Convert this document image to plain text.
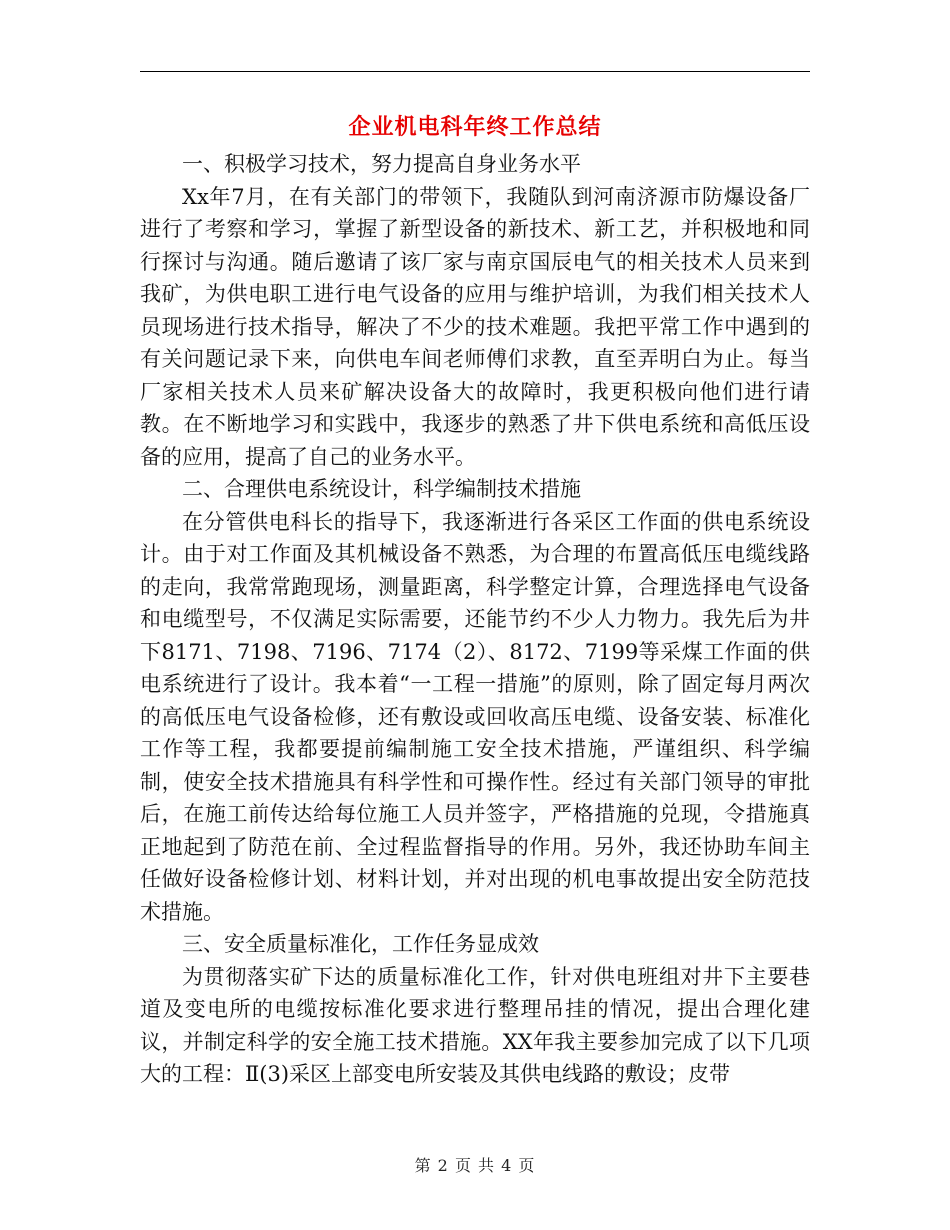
企业机电科年终工作总结

一、积极学习技术，努力提高自身业务水平

Xx年7月，在有关部门的带领下，我随队到河南济源市防爆设备厂进行了考察和学习，掌握了新型设备的新技术、新工艺，并积极地和同行探讨与沟通。随后邀请了该厂家与南京国辰电气的相关技术人员来到我矿，为供电职工进行电气设备的应用与维护培训，为我们相关技术人员现场进行技术指导，解决了不少的技术难题。我把平常工作中遇到的有关问题记录下来，向供电车间老师傅们求教，直至弄明白为止。每当厂家相关技术人员来矿解决设备大的故障时，我更积极向他们进行请教。在不断地学习和实践中，我逐步的熟悉了井下供电系统和高低压设备的应用，提高了自己的业务水平。

二、合理供电系统设计，科学编制技术措施

在分管供电科长的指导下，我逐渐进行各采区工作面的供电系统设计。由于对工作面及其机械设备不熟悉，为合理的布置高低压电缆线路的走向，我常常跑现场，测量距离，科学整定计算，合理选择电气设备和电缆型号，不仅满足实际需要，还能节约不少人力物力。我先后为井下8171、7198、7196、7174（2）、8172、7199等采煤工作面的供电系统进行了设计。我本着“一工程一措施”的原则，除了固定每月两次的高低压电气设备检修，还有敷设或回收高压电缆、设备安装、标准化工作等工程，我都要提前编制施工安全技术措施，严谨组织、科学编制，使安全技术措施具有科学性和可操作性。经过有关部门领导的审批后，在施工前传达给每位施工人员并签字，严格措施的兑现，令措施真正地起到了防范在前、全过程监督指导的作用。另外，我还协助车间主任做好设备检修计划、材料计划，并对出现的机电事故提出安全防范技术措施。

三、安全质量标准化，工作任务显成效

为贯彻落实矿下达的质量标准化工作，针对供电班组对井下主要巷道及变电所的电缆按标准化要求进行整理吊挂的情况，提出合理化建议，并制定科学的安全施工技术措施。XX年我主要参加完成了以下几项大的工程：Ⅱ(3)采区上部变电所安装及其供电线路的敷设；皮带

第 2 页 共 4 页
